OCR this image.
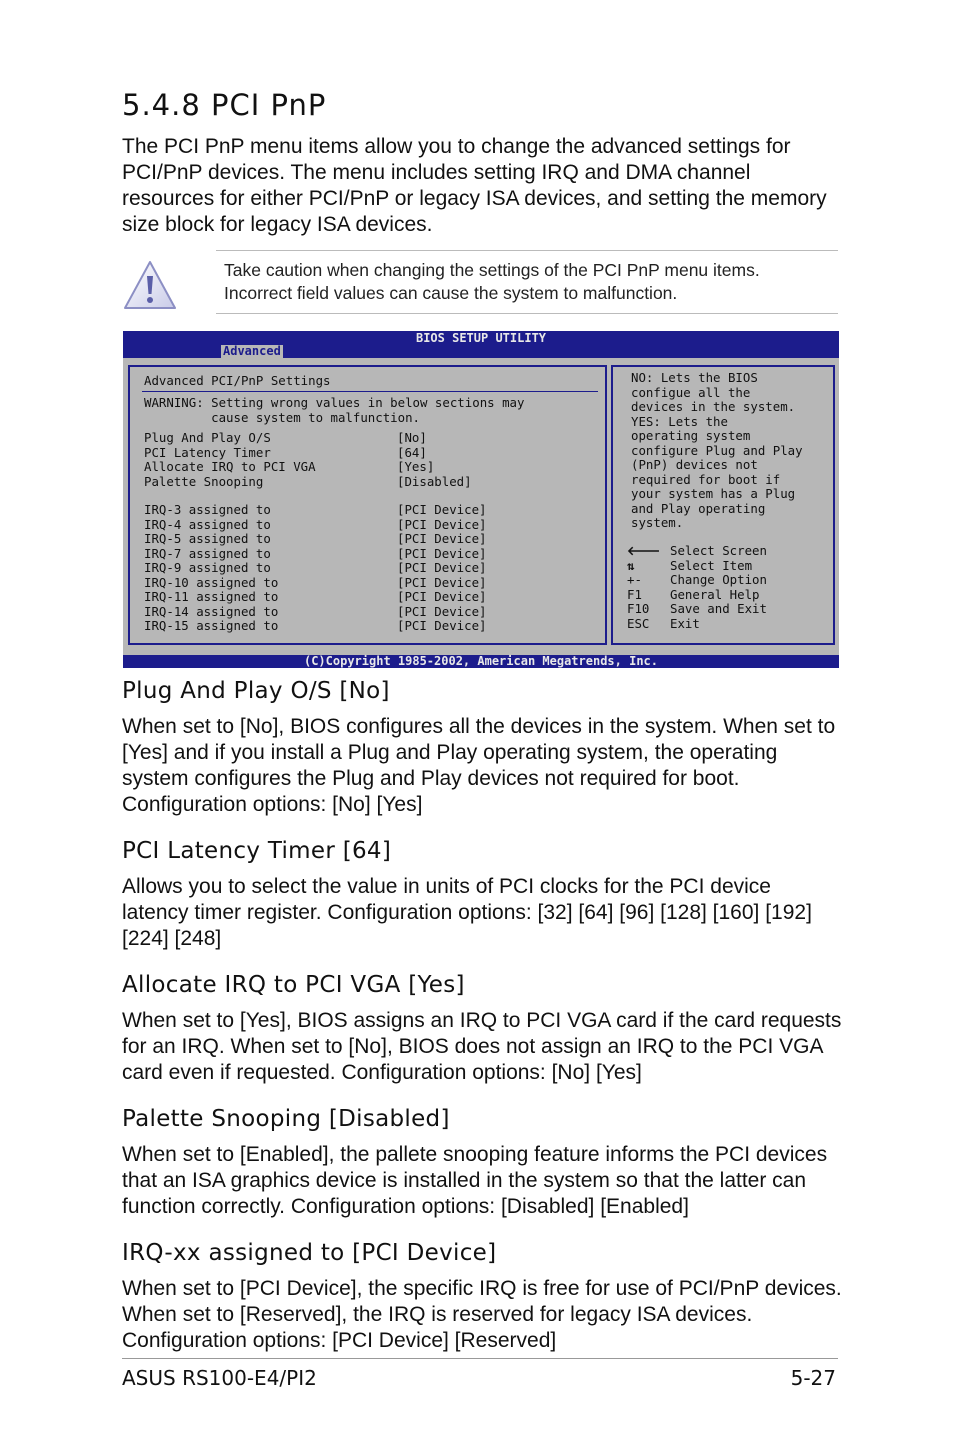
5.4.8 PCI PnP

The PCI PnP menu items allow you to change the advanced settings for PCI/PnP devices. The menu includes setting IRQ and DMA channel resources for either PCI/PnP or legacy ISA devices, and setting the memory size block for legacy ISA devices.

Take caution when changing the settings of the PCI PnP menu items.
Incorrect field values can cause the system to malfunction.

BIOS SETUP UTILITY
Advanced
Advanced PCI/PnP Settings
WARNING: Setting wrong values in below sections may
cause system to malfunction.
Plug And Play O/S	[No]
PCI Latency Timer	[64]
Allocate IRQ to PCI VGA	[Yes]
Palette Snooping	[Disabled]
IRQ-3 assigned to	[PCI Device]
IRQ-4 assigned to	[PCI Device]
IRQ-5 assigned to	[PCI Device]
IRQ-7 assigned to	[PCI Device]
IRQ-9 assigned to	[PCI Device]
IRQ-10 assigned to	[PCI Device]
IRQ-11 assigned to	[PCI Device]
IRQ-14 assigned to	[PCI Device]
IRQ-15 assigned to	[PCI Device]
NO: Lets the BIOS
configue all the
devices in the system.
YES: Lets the
operating system
configure Plug and Play
(PnP) devices not
required for boot if
your system has a Plug
and Play operating
system.
🡐 Select Screen
⇅	Select Item
+-	Change Option
F1	General Help
F10	Save and Exit
ESC	Exit
(C)Copyright 1985-2002, American Megatrends, Inc.
Plug And Play O/S [No]

When set to [No], BIOS configures all the devices in the system. When set to [Yes] and if you install a Plug and Play operating system, the operating system configures the Plug and Play devices not required for boot. Configuration options: [No] [Yes]

PCI Latency Timer [64]

Allows you to select the value in units of PCI clocks for the PCI device latency timer register. Configuration options: [32] [64] [96] [128] [160] [192] [224] [248]

Allocate IRQ to PCI VGA [Yes]

When set to [Yes], BIOS assigns an IRQ to PCI VGA card if the card requests for an IRQ. When set to [No], BIOS does not assign an IRQ to the PCI VGA card even if requested. Configuration options: [No] [Yes]

Palette Snooping [Disabled]

When set to [Enabled], the pallete snooping feature informs the PCI devices that an ISA graphics device is installed in the system so that the latter can function correctly. Configuration options: [Disabled] [Enabled]

IRQ-xx assigned to [PCI Device]

When set to [PCI Device], the specific IRQ is free for use of PCI/PnP devices. When set to [Reserved], the IRQ is reserved for legacy ISA devices. Configuration options: [PCI Device] [Reserved]

ASUS RS100-E4/PI2	5-27
